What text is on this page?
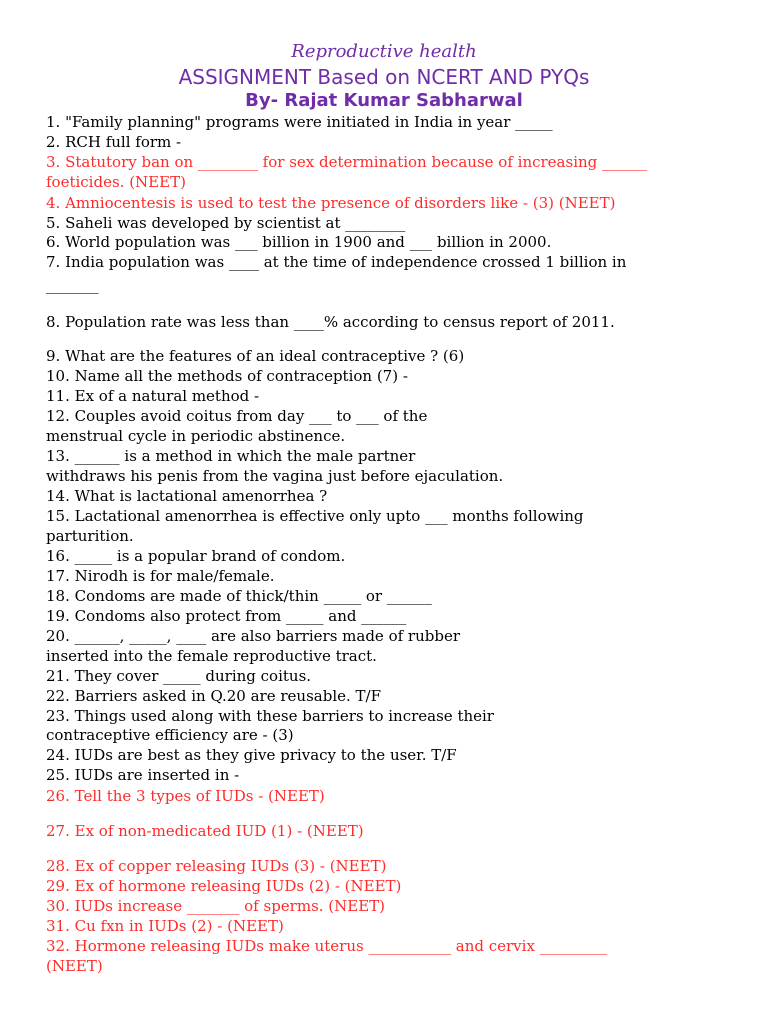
Reproductive health
ASSIGNMENT Based on NCERT AND PYQs
By- Rajat Kumar Sabharwal
1. "Family planning" programs were initiated in India in year _____
2. RCH full form -
3. Statutory ban on ________ for sex determination because of increasing ______
foeticides. (NEET)
4. Amniocentesis is used to test the presence of disorders like - (3) (NEET)
5. Saheli was developed by scientist at ________
6. World population was ___ billion in 1900 and ___ billion in 2000.
7. India population was ____ at the time of independence crossed 1 billion in
_______
8. Population rate was less than ____% according to census report of 2011.
9. What are the features of an ideal contraceptive ? (6)
10. Name all the methods of contraception (7) -
11. Ex of a natural method -
12. Couples avoid coitus from day ___ to ___ of the
menstrual cycle in periodic abstinence.
13. ______ is a method in which the male partner
withdraws his penis from the vagina just before ejaculation.
14. What is lactational amenorrhea ?
15. Lactational amenorrhea is effective only upto ___ months following
parturition.
16. _____ is a popular brand of condom.
17. Nirodh is for male/female.
18. Condoms are made of thick/thin _____ or ______
19. Condoms also protect from _____ and ______
20. ______, _____, ____ are also barriers made of rubber
inserted into the female reproductive tract.
21. They cover _____ during coitus.
22. Barriers asked in Q.20 are reusable. T/F
23. Things used along with these barriers to increase their
contraceptive efficiency are - (3)
24. IUDs are best as they give privacy to the user. T/F
25. IUDs are inserted in -
26. Tell the 3 types of IUDs - (NEET)
27. Ex of non-medicated IUD (1) - (NEET)
28. Ex of copper releasing IUDs (3) - (NEET)
29. Ex of hormone releasing IUDs (2) - (NEET)
30. IUDs increase _______ of sperms. (NEET)
31. Cu fxn in IUDs (2) - (NEET)
32. Hormone releasing IUDs make uterus ___________ and cervix _________
(NEET)
